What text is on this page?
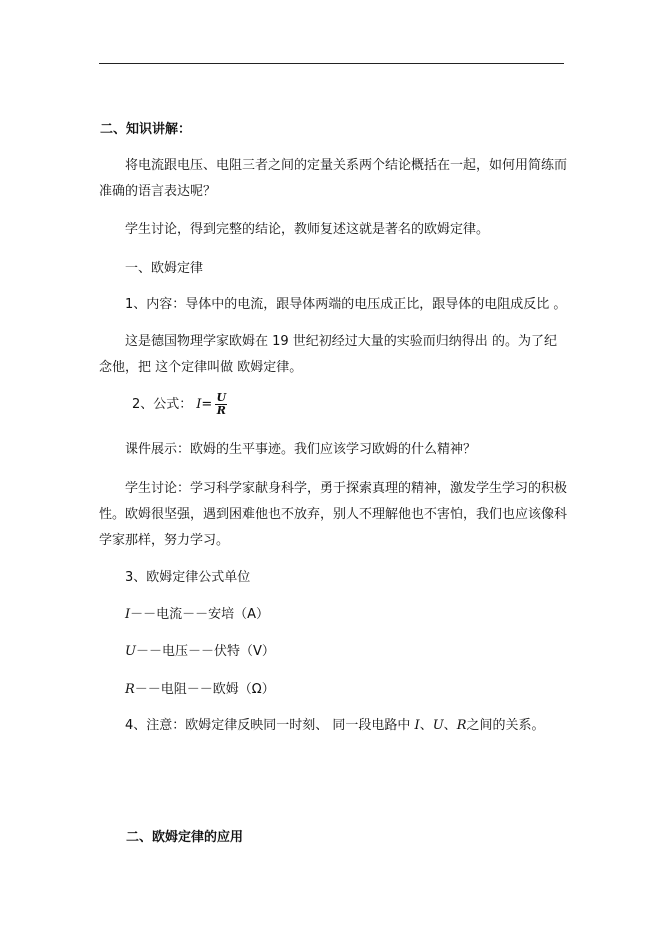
二、知识讲解：

将电流跟电压、电阻三者之间的定量关系两个结论概括在一起，如何用简练而准确的语言表达呢？

学生讨论，得到完整的结论，教师复述这就是著名的欧姆定律。

一、欧姆定律
1、内容：导体中的电流，跟导体两端的电压成正比，跟导体的电阻成反比 。

这是德国物理学家欧姆在 19 世纪初经过大量的实验而归纳得出 的。为了纪念他，把 这个定律叫做 欧姆定律。

2、公式： $I = \frac{U}{R}$
课件展示：欧姆的生平事迹。我们应该学习欧姆的什么精神？

学生讨论：学习科学家献身科学，勇于探索真理的精神，激发学生学习的积极性。欧姆很坚强，遇到困难他也不放弃，别人不理解他也不害怕，我们也应该像科学家那样，努力学习。

3、欧姆定律公式单位
I－－电流－－安培（A）
U－－电压－－伏特（V）
R－－电阻－－欧姆（Ω）
4、注意：欧姆定律反映同一时刻、 同一段电路中 I、U、R之间的关系。
二、欧姆定律的应用
